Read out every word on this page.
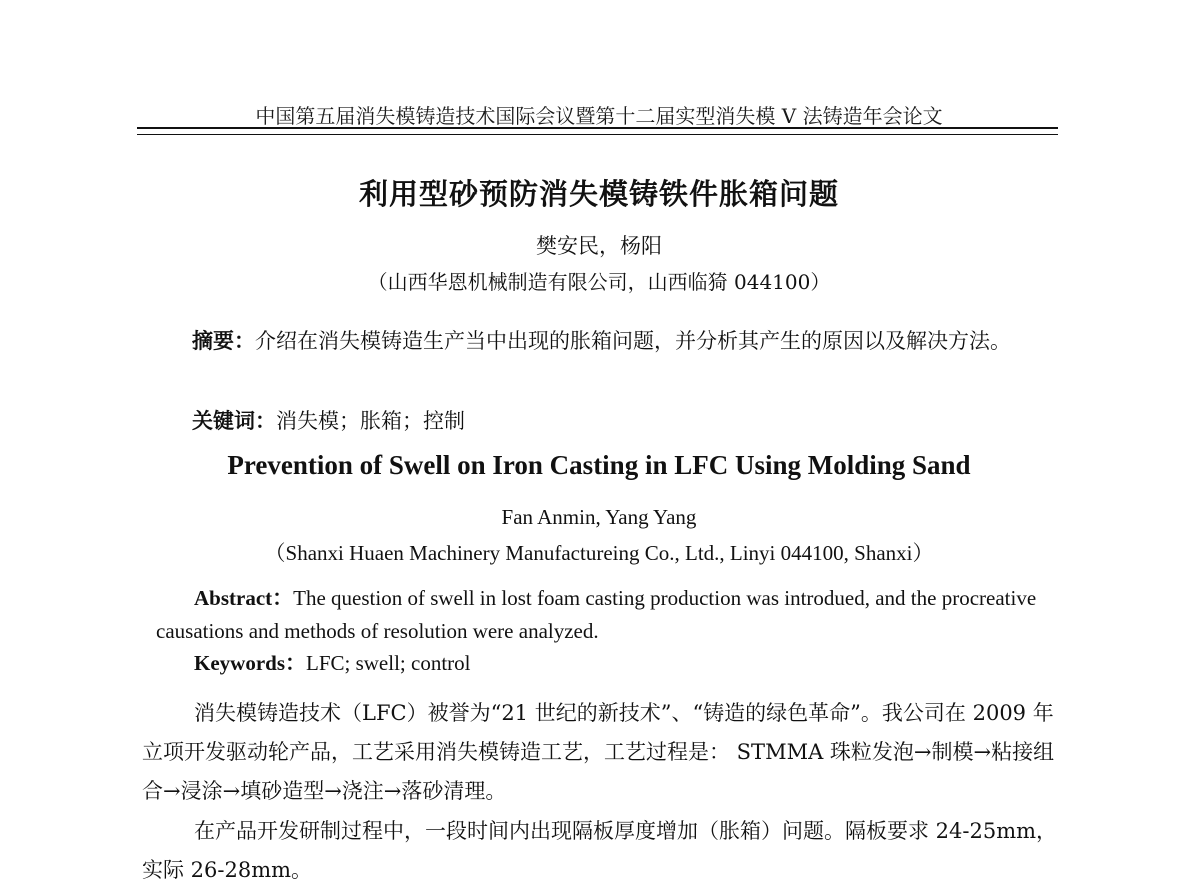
中国第五届消失模铸造技术国际会议暨第十二届实型消失模 V 法铸造年会论文
利用型砂预防消失模铸铁件胀箱问题
樊安民，杨阳
（山西华恩机械制造有限公司，山西临猗 044100）
摘要：介绍在消失模铸造生产当中出现的胀箱问题，并分析其产生的原因以及解决方法。
关键词：消失模；胀箱；控制
Prevention of Swell on Iron Casting in LFC Using Molding Sand
Fan Anmin, Yang Yang
（Shanxi Huaen Machinery Manufactureing Co., Ltd., Linyi 044100, Shanxi）
Abstract：The question of swell in lost foam casting production was introdued, and the procreative causations and methods of resolution were analyzed.
Keywords：LFC; swell; control
消失模铸造技术（LFC）被誉为“21 世纪的新技术”、“铸造的绿色革命”。我公司在 2009 年立项开发驱动轮产品，工艺采用消失模铸造工艺，工艺过程是： STMMA 珠粒发泡→制模→粘接组合→浸涂→填砂造型→浇注→落砂清理。
在产品开发研制过程中，一段时间内出现隔板厚度增加（胀箱）问题。隔板要求 24-25mm，实际 26-28mm。
